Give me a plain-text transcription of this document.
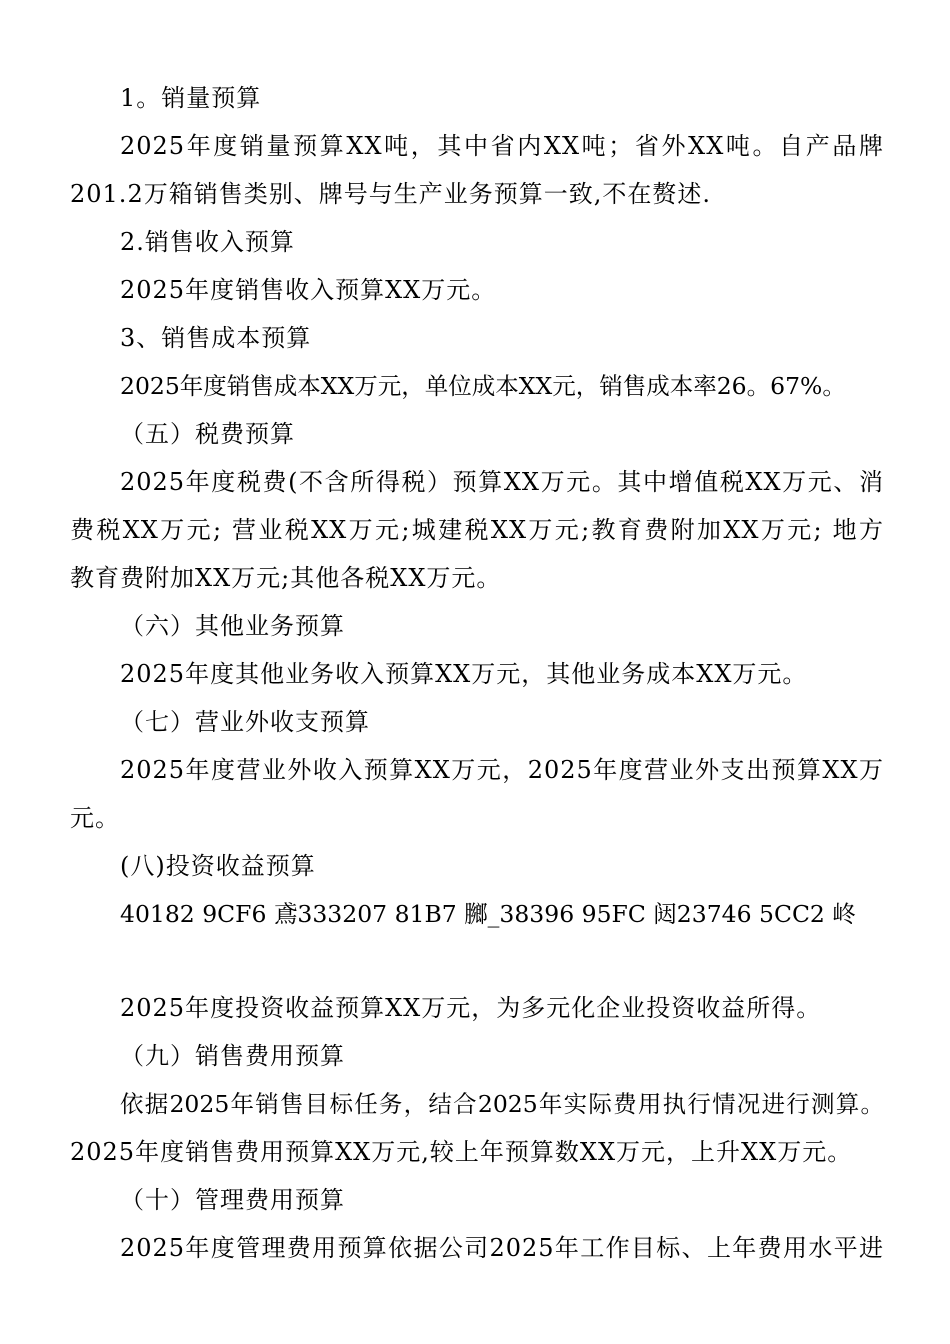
1。销量预算
2025年度销量预算XX吨，其中省内XX吨；省外XX吨。自产品牌
201.2万箱销售类别、牌号与生产业务预算一致,不在赘述.
2.销售收入预算
2025年度销售收入预算XX万元。
3、销售成本预算
2025年度销售成本XX万元，单位成本XX元，销售成本率26。67%。
（五）税费预算
2025年度税费(不含所得税）预算XX万元。其中增值税XX万元、消
费税XX万元; 营业税XX万元;城建税XX万元;教育费附加XX万元; 地方
教育费附加XX万元;其他各税XX万元。
（六）其他业务预算
2025年度其他业务收入预算XX万元，其他业务成本XX万元。
（七）营业外收支预算
2025年度营业外收入预算XX万元，2025年度营业外支出预算XX万
元。
(八)投资收益预算
40182 9CF6 鳶333207 81B7 膷_38396 95FC 闼23746 5CC2 峂
2025年度投资收益预算XX万元，为多元化企业投资收益所得。
（九）销售费用预算
依据2025年销售目标任务，结合2025年实际费用执行情况进行测算。
2025年度销售费用预算XX万元,较上年预算数XX万元，上升XX万元。
（十）管理费用预算
2025年度管理费用预算依据公司2025年工作目标、上年费用水平进
